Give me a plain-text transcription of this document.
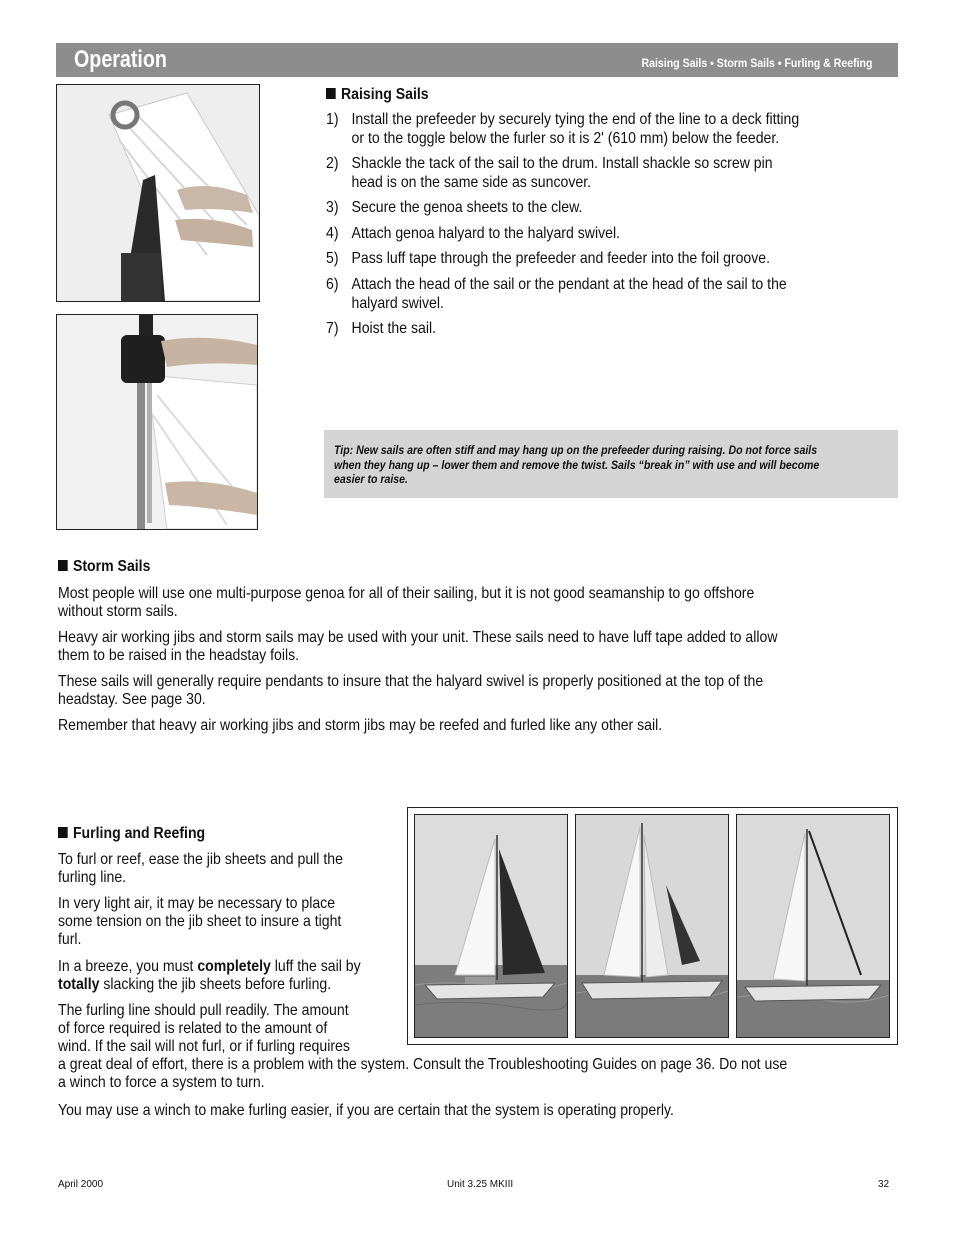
Operation	Raising Sails • Storm Sails • Furling & Reefing
Raising Sails
1) Install the prefeeder by securely tying the end of the line to a deck fitting
or to the toggle below the furler so it is 2' (610 mm) below the feeder.
2) Shackle the tack of the sail to the drum. Install shackle so screw pin
head is on the same side as suncover.
3) Secure the genoa sheets to the clew.
4) Attach genoa halyard to the halyard swivel.
5) Pass luff tape through the prefeeder and feeder into the foil groove.
6) Attach the head of the sail or the pendant at the head of the sail to the
halyard swivel.
7) Hoist the sail.
Tip: New sails are often stiff and may hang up on the prefeeder during raising. Do not force sails
when they hang up – lower them and remove the twist. Sails “break in” with use and will become
easier to raise.
Storm Sails
Most people will use one multi-purpose genoa for all of their sailing, but it is not good seamanship to go offshore
without storm sails.
Heavy air working jibs and storm sails may be used with your unit. These sails need to have luff tape added to allow
them to be raised in the headstay foils.
These sails will generally require pendants to insure that the halyard swivel is properly positioned at the top of the
headstay. See page 30.
Remember that heavy air working jibs and storm jibs may be reefed and furled like any other sail.
Furling and Reefing
To furl or reef, ease the jib sheets and pull the
furling line.
In very light air, it may be necessary to place
some tension on the jib sheet to insure a tight
furl.
In a breeze, you must completely luff the sail by
totally slacking the jib sheets before furling.
The furling line should pull readily. The amount
of force required is related to the amount of
wind. If the sail will not furl, or if furling requires
a great deal of effort, there is a problem with the system. Consult the Troubleshooting Guides on page 36. Do not use
a winch to force a system to turn.
You may use a winch to make furling easier, if you are certain that the system is operating properly.
April 2000	Unit 3.25 MKIII	32
